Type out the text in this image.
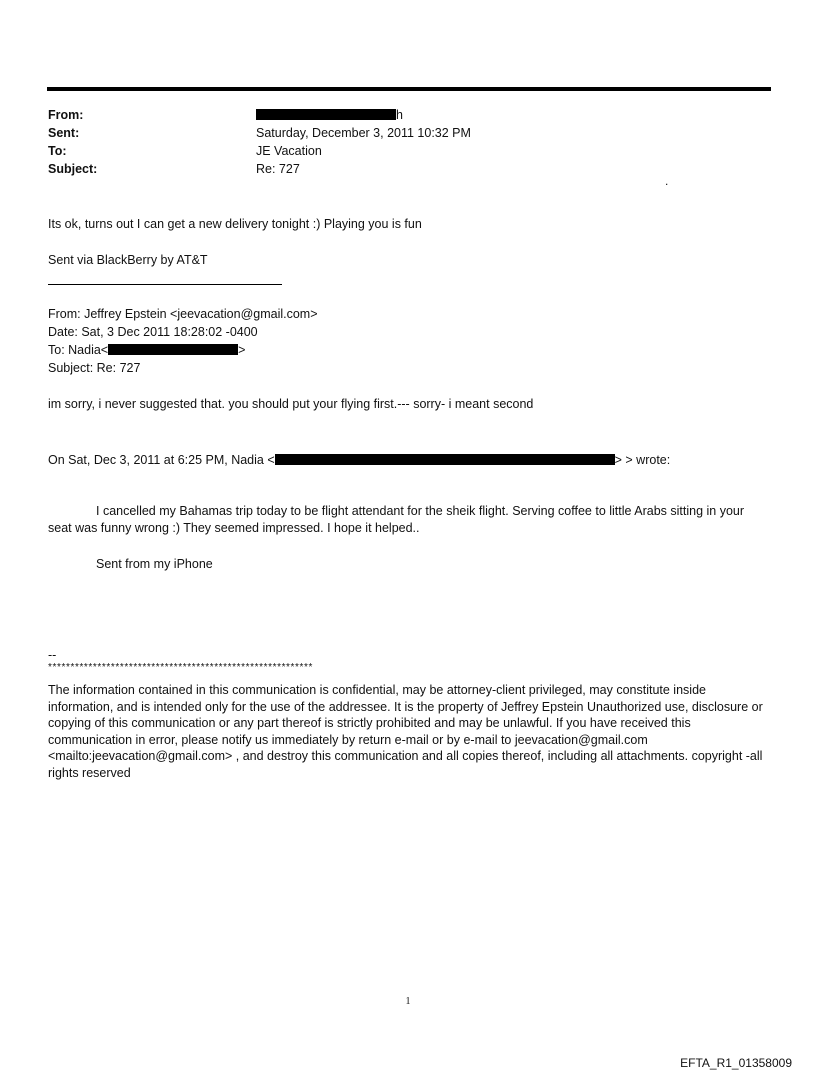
From:	h
Sent:	Saturday, December 3, 2011 10:32 PM
To:	JE Vacation
Subject:	Re: 727
.
Its ok, turns out I can get a new delivery tonight :) Playing you is fun
Sent via BlackBerry by AT&T
From: Jeffrey Epstein <jeevacation@gmail.com>
Date: Sat, 3 Dec 2011 18:28:02 -0400
To: Nadia<	>
Subject: Re: 727
im sorry, i never suggested that. you should put your flying first.--- sorry- i meant second
On Sat, Dec 3, 2011 at 6:25 PM, Nadia <	> > wrote:
I cancelled my Bahamas trip today to be flight attendant for the sheik flight. Serving coffee to little Arabs sitting in your seat was funny wrong :) They seemed impressed. I hope it helped..
Sent from my iPhone
--
***********************************************************
The information contained in this communication is confidential, may be attorney-client privileged, may constitute inside information, and is intended only for the use of the addressee. It is the property of Jeffrey Epstein Unauthorized use, disclosure or copying of this communication or any part thereof is strictly prohibited and may be unlawful. If you have received this communication in error, please notify us immediately by return e-mail or by e-mail to jeevacation@gmail.com <mailto:jeevacation@gmail.com> , and destroy this communication and all copies thereof, including all attachments. copyright -all rights reserved
1
EFTA_R1_01358009
